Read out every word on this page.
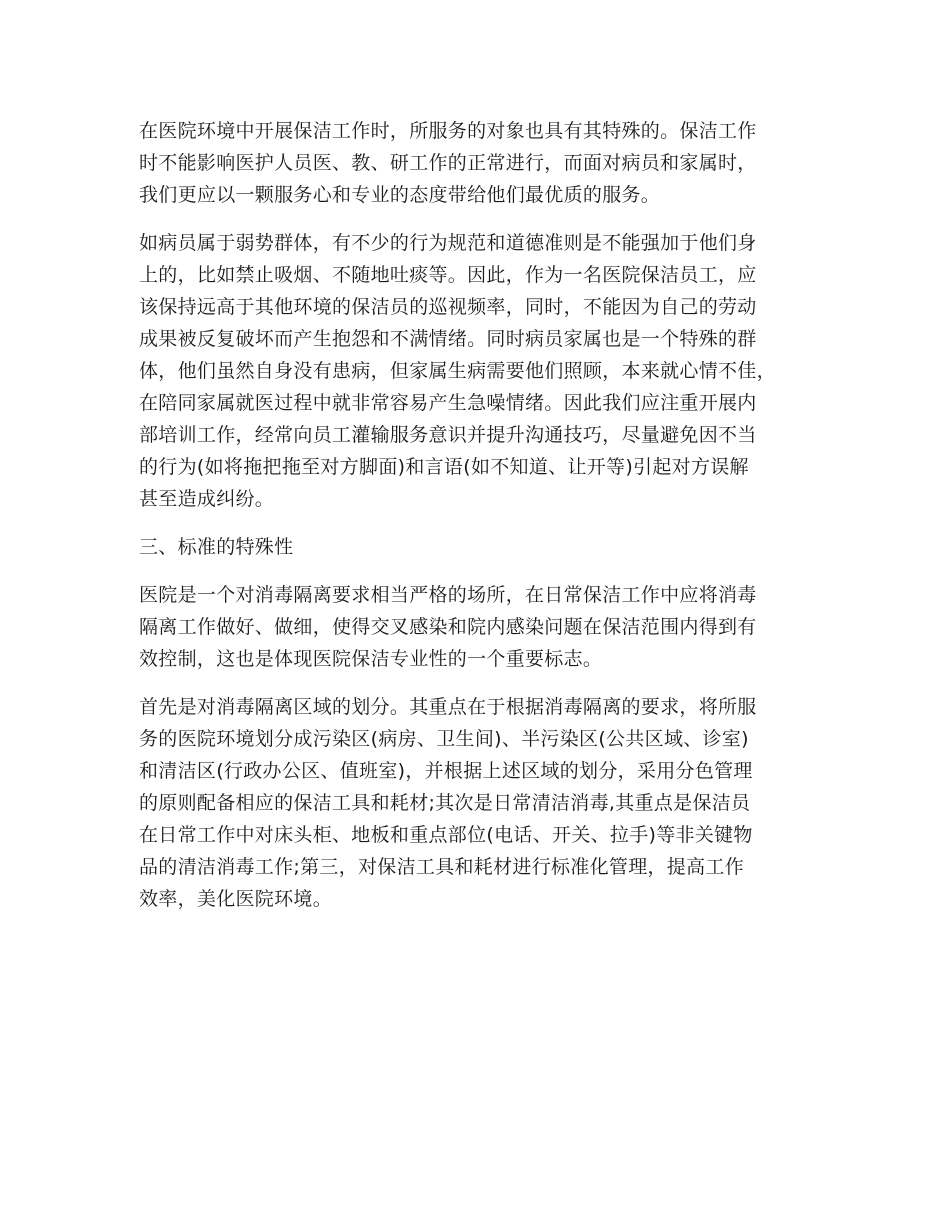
在医院环境中开展保洁工作时，所服务的对象也具有其特殊的。保洁工作
时不能影响医护人员医、教、研工作的正常进行，而面对病员和家属时，
我们更应以一颗服务心和专业的态度带给他们最优质的服务。
如病员属于弱势群体，有不少的行为规范和道德准则是不能强加于他们身
上的，比如禁止吸烟、不随地吐痰等。因此，作为一名医院保洁员工，应
该保持远高于其他环境的保洁员的巡视频率，同时，不能因为自己的劳动
成果被反复破坏而产生抱怨和不满情绪。同时病员家属也是一个特殊的群
体，他们虽然自身没有患病，但家属生病需要他们照顾，本来就心情不佳，
在陪同家属就医过程中就非常容易产生急噪情绪。因此我们应注重开展内
部培训工作，经常向员工灌输服务意识并提升沟通技巧，尽量避免因不当
的行为(如将拖把拖至对方脚面)和言语(如不知道、让开等)引起对方误解
甚至造成纠纷。
三、标准的特殊性
医院是一个对消毒隔离要求相当严格的场所，在日常保洁工作中应将消毒
隔离工作做好、做细，使得交叉感染和院内感染问题在保洁范围内得到有
效控制，这也是体现医院保洁专业性的一个重要标志。
首先是对消毒隔离区域的划分。其重点在于根据消毒隔离的要求，将所服
务的医院环境划分成污染区(病房、卫生间)、半污染区(公共区域、诊室)
和清洁区(行政办公区、值班室)，并根据上述区域的划分，采用分色管理
的原则配备相应的保洁工具和耗材;其次是日常清洁消毒,其重点是保洁员
在日常工作中对床头柜、地板和重点部位(电话、开关、拉手)等非关键物
品的清洁消毒工作;第三，对保洁工具和耗材进行标准化管理，提高工作
效率，美化医院环境。
